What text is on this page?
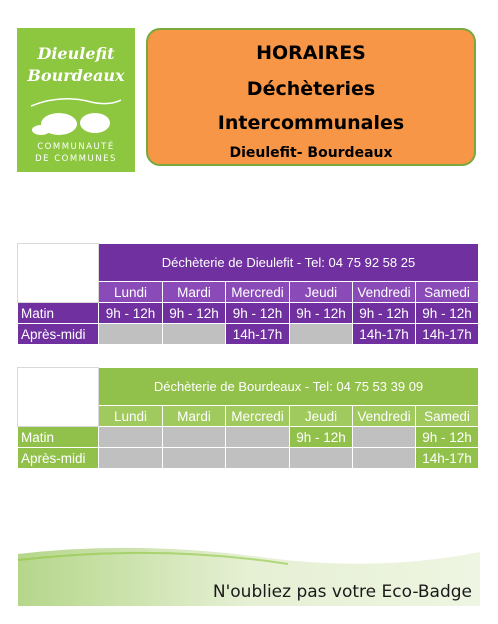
Dieulefit
Bourdeaux
COMMUNAUTÉ
DE COMMUNES
HORAIRES
Déchèteries
Intercommunales
Dieulefit- Bourdeaux
	Déchèterie de Dieulefit - Tel: 04 75 92 58 25					
	Lundi	Mardi	Mercredi	Jeudi	Vendredi	Samedi
Matin	9h - 12h	9h - 12h	9h - 12h	9h - 12h	9h - 12h	9h - 12h
Après-midi			14h-17h		14h-17h	14h-17h
	Déchèterie de Bourdeaux - Tel: 04 75 53 39 09					
	Lundi	Mardi	Mercredi	Jeudi	Vendredi	Samedi
Matin				9h - 12h		9h - 12h
Après-midi						14h-17h
N'oubliez pas votre Eco-Badge
